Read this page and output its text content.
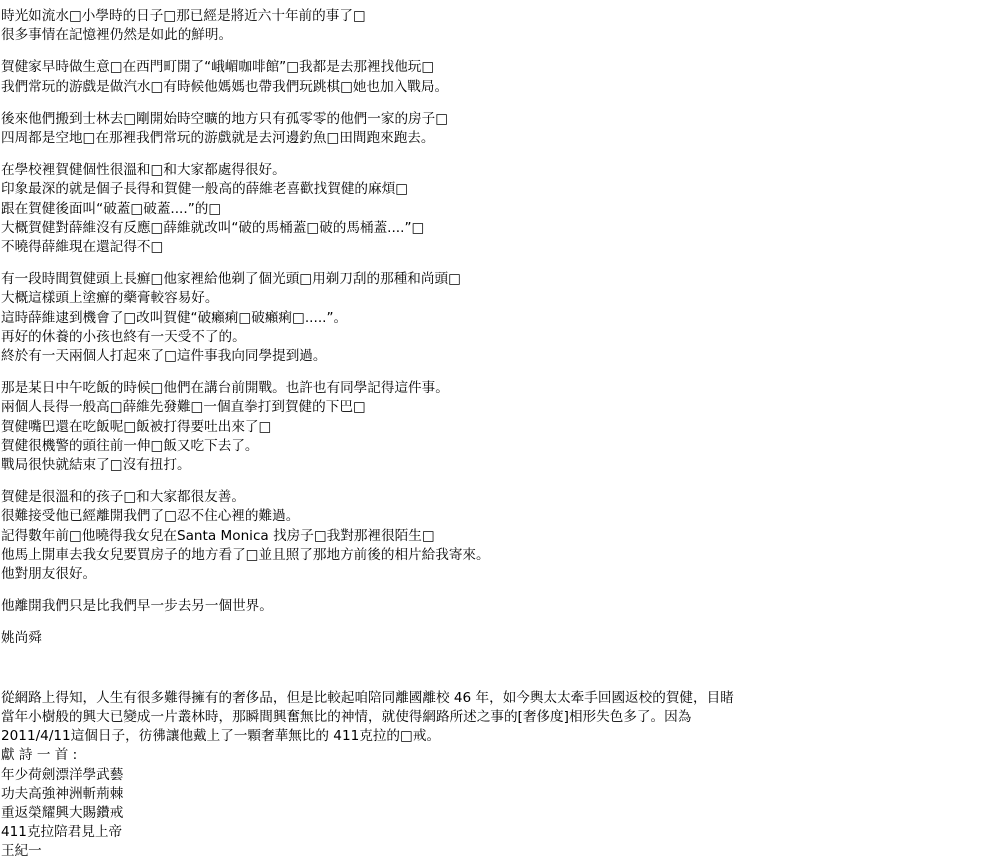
時光如流水□小學時的日子□那已經是將近六十年前的事了□
很多事情在記憶裡仍然是如此的鮮明。
賀健家早時做生意□在西門町開了“峨嵋咖啡館”□我都是去那裡找他玩□
我們常玩的游戲是做汽水□有時候他媽媽也帶我們玩跳棋□她也加入戰局。
後來他們搬到士林去□剛開始時空曠的地方只有孤零零的他們一家的房子□
四周都是空地□在那裡我們常玩的游戲就是去河邊釣魚□田間跑來跑去。
在學校裡賀健個性很溫和□和大家都處得很好。
印象最深的就是個子長得和賀健一般高的薛維老喜歡找賀健的麻煩□
跟在賀健後面叫“破蓋□破蓋....”的□
大概賀健對薛維沒有反應□薛維就改叫“破的馬桶蓋□破的馬桶蓋....”□
不曉得薛維現在還記得不□
有一段時間賀健頭上長癬□他家裡給他剃了個光頭□用剃刀刮的那種和尚頭□
大概這樣頭上塗癬的藥膏較容易好。
這時薛維逮到機會了□改叫賀健“破癩痢□破癩痢□.....”。
再好的休養的小孩也終有一天受不了的。
終於有一天兩個人打起來了□這件事我向同學提到過。
那是某日中午吃飯的時候□他們在講台前開戰。也許也有同學記得這件事。
兩個人長得一般高□薛維先發難□一個直拳打到賀健的下巴□
賀健嘴巴還在吃飯呢□飯被打得要吐出來了□
賀健很機警的頭往前一伸□飯又吃下去了。
戰局很快就結束了□沒有扭打。
賀健是很溫和的孩子□和大家都很友善。
很難接受他已經離開我們了□忍不住心裡的難過。
記得數年前□他曉得我女兒在Santa Monica 找房子□我對那裡很陌生□
他馬上開車去我女兒要買房子的地方看了□並且照了那地方前後的相片給我寄來。
他對朋友很好。
他離開我們只是比我們早一步去另一個世界。
姚尚舜
從網路上得知，人生有很多難得擁有的奢侈品，但是比較起咱陪同離國離校 46 年，如今輿太太牽手回國返校的賀健，目睹
當年小樹般的興大已變成一片叢林時，那瞬間興奮無比的神情，就使得網路所述之事的[奢侈度]相形失色多了。因為
2011/4/11這個日子，彷彿讓他戴上了一顆奢華無比的 411克拉的□戒。
獻 詩 一 首 :
年少荷劍漂洋學武藝
功夫高強神洲斬荊棘
重返榮耀興大賜鑽戒
411克拉陪君見上帝
王紀一
